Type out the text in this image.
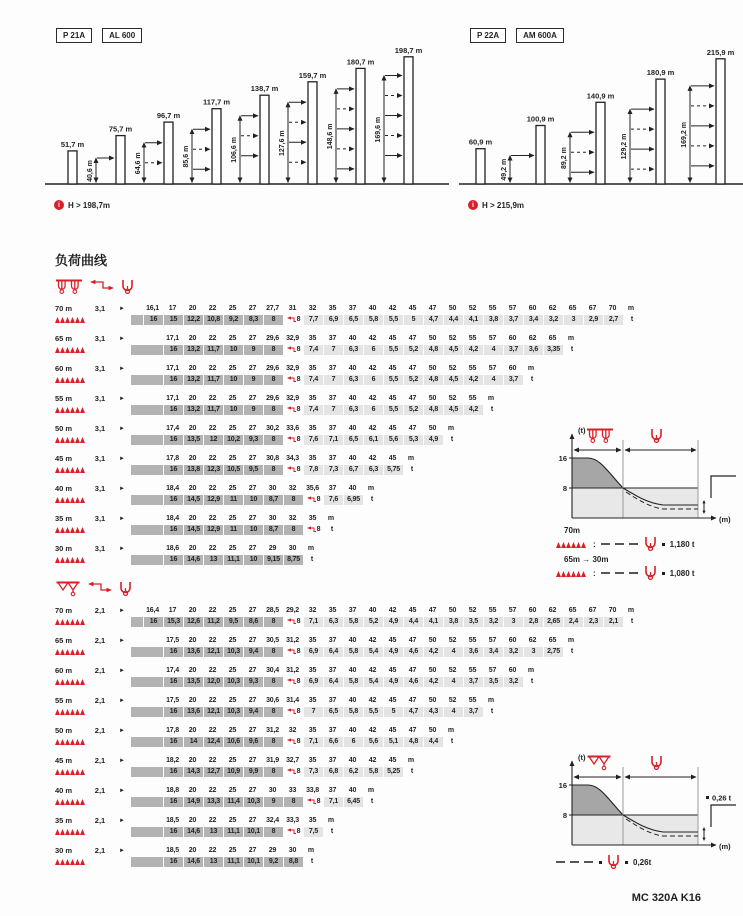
P 21A	AL 600
51,7 m
75,7 m
96,7 m
117,7 m
138,7 m
159,7 m
180,7 m
198,7 m
40,6 m	64,6 m	85,6 m	106,6 m	127,6 m	148,6 m	169,6 m
i	H > 198,7m
P 22A	AM 600A
60,9 m
100,9 m
140,9 m
180,9 m
215,9 m
49,2 m
89,2 m	129,2 m	169,2 m
i	H > 215,9m
负荷曲线
70 m	3,1	►	16,1	17	20	22	25	27	27,7	31	32	35	37	40	42	45	47	50	52	55	57	60	62	65	67	70	m
16	15	12,2	10,8	9,2	8,3	8	8	7,7	6,9	6,5	5,8	5,5	5	4,7	4,4	4,1	3,8	3,7	3,4	3,2	3	2,9	2,7	t
65 m	3,1	►	17,1	20	22	25	27	29,6	32,9	35	37	40	42	45	47	50	52	55	57	60	62	65	m
16	13,2	11,7	10	9	8	8	7,4	7	6,3	6	5,5	5,2	4,8	4,5	4,2	4	3,7	3,6	3,35	t
60 m	3,1	►	17,1	20	22	25	27	29,6	32,9	35	37	40	42	45	47	50	52	55	57	60	m
16	13,2	11,7	10	9	8	8	7,4	7	6,3	6	5,5	5,2	4,8	4,5	4,2	4	3,7	t
55 m	3,1	►	17,1	20	22	25	27	29,6	32,9	35	37	40	42	45	47	50	52	55	m
16	13,2	11,7	10	9	8	8	7,4	7	6,3	6	5,5	5,2	4,8	4,5	4,2	t
50 m	3,1	►	17,4	20	22	25	27	30,2	33,6	35	37	40	42	45	47	50	m
16	13,5	12	10,2	9,3	8	8	7,6	7,1	6,5	6,1	5,6	5,3	4,9	t
45 m	3,1	►	17,8	20	22	25	27	30,8	34,3	35	37	40	42	45	m
16	13,8	12,3	10,5	9,5	8	8	7,8	7,3	6,7	6,3	5,75	t
40 m	3,1	►	18,4	20	22	25	27	30	32	35,6	37	40	m
16	14,5	12,9	11	10	8,7	8	8	7,6	6,95	t
35 m	3,1	►	18,4	20	22	25	27	30	32	35	m
16	14,5	12,9	11	10	8,7	8	8	t
30 m	3,1	►	18,6	20	22	25	27	29	30	m
16	14,6	13	11,1	10	9,15	8,75	t
70 m	2,1	►	16,4	17	20	22	25	27	28,5	29,2	32	35	37	40	42	45	47	50	52	55	57	60	62	65	67	70	m
16	15,3	12,6	11,2	9,5	8,6	8	8	7,1	6,3	5,8	5,2	4,9	4,4	4,1	3,8	3,5	3,2	3	2,8	2,65	2,4	2,3	2,1	t
65 m	2,1	►	17,5	20	22	25	27	30,5	31,2	35	37	40	42	45	47	50	52	55	57	60	62	65	m
16	13,6	12,1	10,3	9,4	8	8	6,9	6,4	5,8	5,4	4,9	4,6	4,2	4	3,6	3,4	3,2	3	2,75	t
60 m	2,1	►	17,4	20	22	25	27	30,4	31,2	35	37	40	42	45	47	50	52	55	57	60	m
16	13,5	12,0	10,3	9,3	8	8	6,9	6,4	5,8	5,4	4,9	4,6	4,2	4	3,7	3,5	3,2	t
55 m	2,1	►	17,5	20	22	25	27	30,6	31,4	35	37	40	42	45	47	50	52	55	m
16	13,6	12,1	10,3	9,4	8	8	7	6,5	5,8	5,5	5	4,7	4,3	4	3,7	t
50 m	2,1	►	17,8	20	22	25	27	31,2	32	35	37	40	42	45	47	50	m
16	14	12,4	10,6	9,6	8	8	7,1	6,6	6	5,6	5,1	4,8	4,4	t
45 m	2,1	►	18,2	20	22	25	27	31,9	32,7	35	37	40	42	45	m
16	14,3	12,7	10,9	9,9	8	8	7,3	6,8	6,2	5,8	5,25	t
40 m	2,1	►	18,8	20	22	25	27	30	33	33,8	37	40	m
16	14,9	13,3	11,4	10,3	9	8	8	7,1	6,45	t
35 m	2,1	►	18,5	20	22	25	27	32,4	33,3	35	m
16	14,6	13	11,1	10,1	8	8	7,5	t
30 m	2,1	►	18,5	20	22	25	27	29	30	m
16	14,6	13	11,1	10,1	9,2	8,8	t
(t)
(m)
16
8
70m
:	1,180 t
65m → 30m
:	1,080 t
(t)
(m)
16
8
0,26 t
0,26t
MC 320A K16
